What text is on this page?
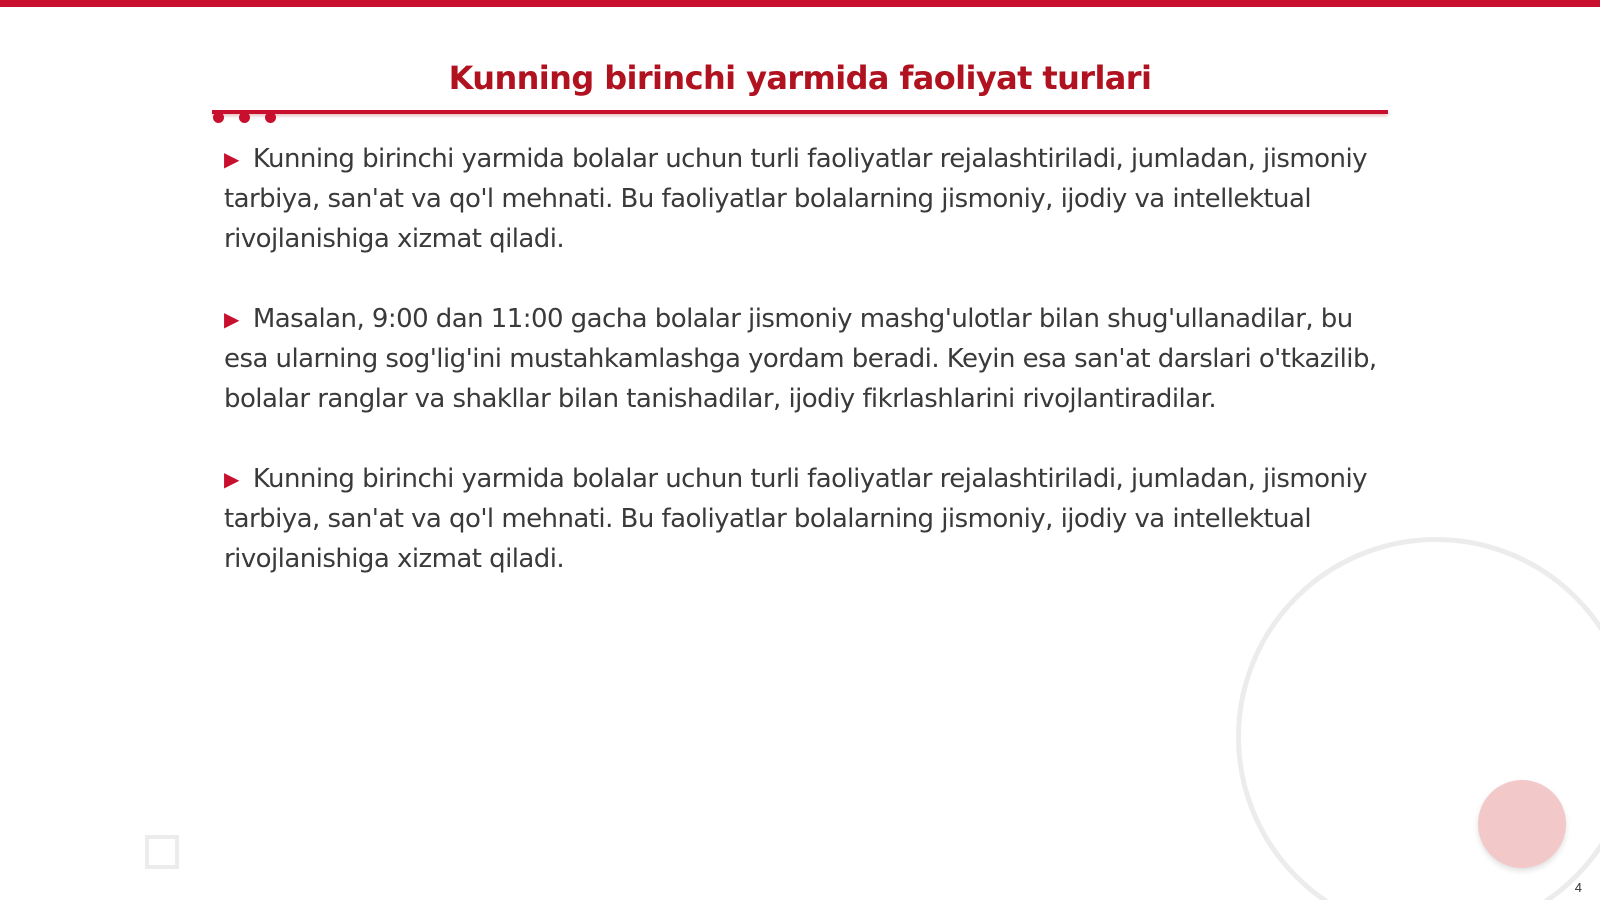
Kunning birinchi yarmida faoliyat turlari

▶ Kunning birinchi yarmida bolalar uchun turli faoliyatlar rejalashtiriladi, jumladan, jismoniy tarbiya, san'at va qo'l mehnati. Bu faoliyatlar bolalarning jismoniy, ijodiy va intellektual rivojlanishiga xizmat qiladi.

▶ Masalan, 9:00 dan 11:00 gacha bolalar jismoniy mashg'ulotlar bilan shug'ullanadilar, bu esa ularning sog'lig'ini mustahkamlashga yordam beradi. Keyin esa san'at darslari o'tkazilib, bolalar ranglar va shakllar bilan tanishadilar, ijodiy fikrlashlarini rivojlantiradilar.

▶ Kunning birinchi yarmida bolalar uchun turli faoliyatlar rejalashtiriladi, jumladan, jismoniy tarbiya, san'at va qo'l mehnati. Bu faoliyatlar bolalarning jismoniy, ijodiy va intellektual rivojlanishiga xizmat qiladi.

4
